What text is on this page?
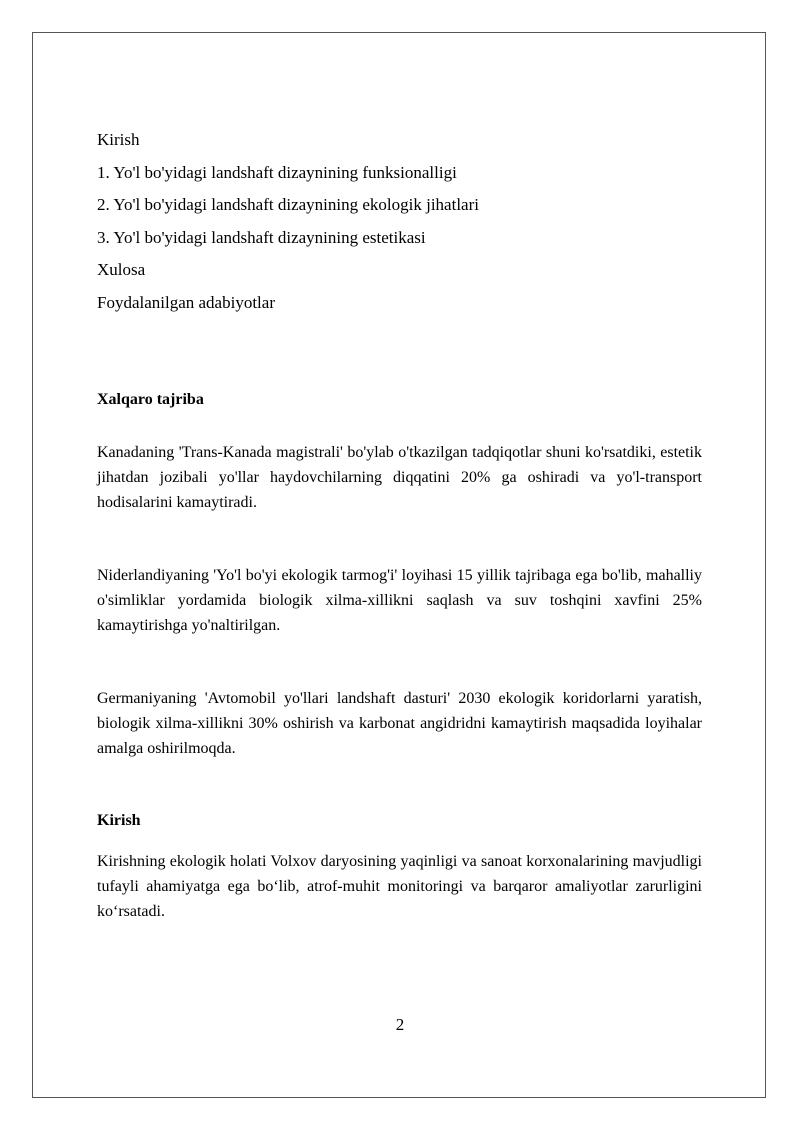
Kirish

1. Yo'l bo'yidagi landshaft dizaynining funksionalligi

2. Yo'l bo'yidagi landshaft dizaynining ekologik jihatlari

3. Yo'l bo'yidagi landshaft dizaynining estetikasi

Xulosa

Foydalanilgan adabiyotlar

Xalqaro tajriba

Kanadaning 'Trans-Kanada magistrali' bo'ylab o'tkazilgan tadqiqotlar shuni ko'rsatdiki, estetik jihatdan jozibali yo'llar haydovchilarning diqqatini 20% ga oshiradi va yo'l-transport hodisalarini kamaytiradi.

Niderlandiyaning 'Yo'l bo'yi ekologik tarmog'i' loyihasi 15 yillik tajribaga ega bo'lib, mahalliy o'simliklar yordamida biologik xilma-xillikni saqlash va suv toshqini xavfini 25% kamaytirishga yo'naltirilgan.

Germaniyaning 'Avtomobil yo'llari landshaft dasturi' 2030 ekologik koridorlarni yaratish, biologik xilma-xillikni 30% oshirish va karbonat angidridni kamaytirish maqsadida loyihalar amalga oshirilmoqda.

Kirish

Kirishning ekologik holati Volxov daryosining yaqinligi va sanoat korxonalarining mavjudligi tufayli ahamiyatga ega bo‘lib, atrof-muhit monitoringi va barqaror amaliyotlar zarurligini ko‘rsatadi.

2
